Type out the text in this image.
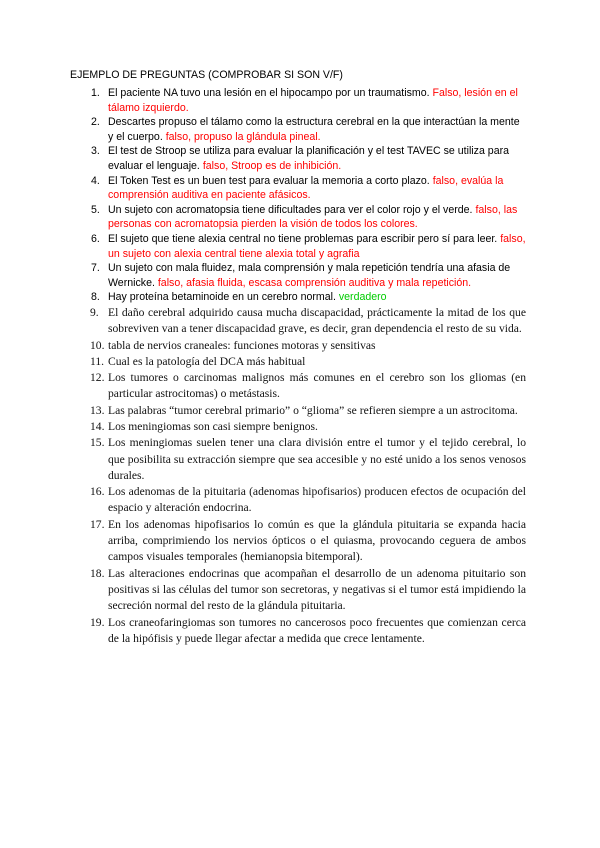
EJEMPLO DE PREGUNTAS (COMPROBAR SI SON V/F)
1. El paciente NA tuvo una lesión en el hipocampo por un traumatismo. Falso, lesión en el tálamo izquierdo.
2. Descartes propuso el tálamo como la estructura cerebral en la que interactúan la mente y el cuerpo. falso, propuso la glándula pineal.
3. El test de Stroop se utiliza para evaluar la planificación y el test TAVEC se utiliza para evaluar el lenguaje. falso, Stroop es de inhibición.
4. El Token Test es un buen test para evaluar la memoria a corto plazo. falso, evalúa la comprensión auditiva en paciente afásicos.
5. Un sujeto con acromatopsia tiene dificultades para ver el color rojo y el verde. falso, las personas con acromatopsia pierden la visión de todos los colores.
6. El sujeto que tiene alexia central no tiene problemas para escribir pero sí para leer. falso, un sujeto con alexia central tiene alexia total y agrafia
7. Un sujeto con mala fluidez, mala comprensión y mala repetición tendría una afasia de Wernicke. falso, afasia fluida, escasa comprensión auditiva y mala repetición.
8. Hay proteína betaminoide en un cerebro normal. verdadero
9. El daño cerebral adquirido causa mucha discapacidad, prácticamente la mitad de los que sobreviven van a tener discapacidad grave, es decir, gran dependencia el resto de su vida.
10. tabla de nervios craneales: funciones motoras y sensitivas
11. Cual es la patología del DCA más habitual
12. Los tumores o carcinomas malignos más comunes en el cerebro son los gliomas (en particular astrocitomas) o metástasis.
13. Las palabras “tumor cerebral primario” o “glioma” se refieren siempre a un astrocitoma.
14. Los meningiomas son casi siempre benignos.
15. Los meningiomas suelen tener una clara división entre el tumor y el tejido cerebral, lo que posibilita su extracción siempre que sea accesible y no esté unido a los senos venosos durales.
16. Los adenomas de la pituitaria (adenomas hipofisarios) producen efectos de ocupación del espacio y alteración endocrina.
17. En los adenomas hipofisarios lo común es que la glándula pituitaria se expanda hacia arriba, comprimiendo los nervios ópticos o el quiasma, provocando ceguera de ambos campos visuales temporales (hemianopsia bitemporal).
18. Las alteraciones endocrinas que acompañan el desarrollo de un adenoma pituitario son positivas si las células del tumor son secretoras, y negativas si el tumor está impidiendo la secreción normal del resto de la glándula pituitaria.
19. Los craneofaringiomas son tumores no cancerosos poco frecuentes que comienzan cerca de la hipófisis y puede llegar afectar a medida que crece lentamente.
